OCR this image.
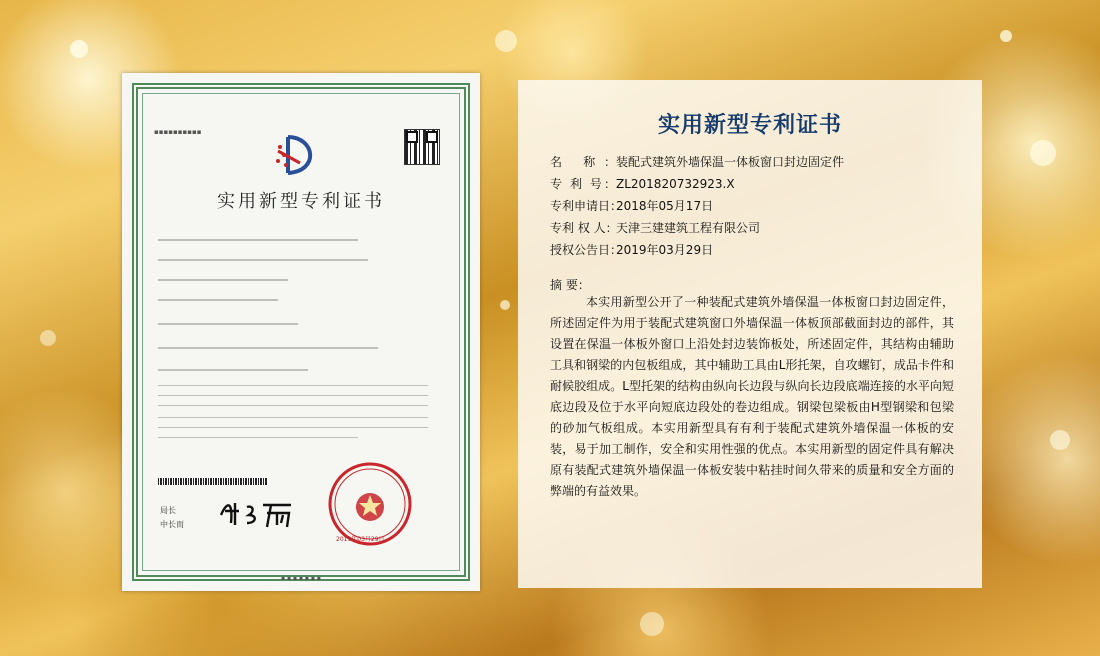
▪▪▪▪▪▪▪▪▪▪
实用新型专利证书
局长
中长而
2019年03月29日
▪ ▪ ▪ ▪ ▪ ▪ ▪
实用新型专利证书
名 称：装配式建筑外墙保温一体板窗口封边固定件
专 利 号：ZL201820732923.X
专利申请日：2018年05月17日
专利 权 人：天津三建建筑工程有限公司
授权公告日：2019年03月29日
摘 要：

本实用新型公开了一种装配式建筑外墙保温一体板窗口封边固定件，所述固定件为用于装配式建筑窗口外墙保温一体板顶部截面封边的部件，其设置在保温一体板外窗口上沿处封边装饰板处，所述固定件，其结构由辅助工具和钢梁的内包板组成，其中辅助工具由L形托架，自攻螺钉，成品卡件和耐候胶组成。L型托架的结构由纵向长边段与纵向长边段底端连接的水平向短底边段及位于水平向短底边段处的卷边组成。钢梁包梁板由H型钢梁和包梁的砂加气板组成。本实用新型具有有利于装配式建筑外墙保温一体板的安装，易于加工制作，安全和实用性强的优点。本实用新型的固定件具有解决原有装配式建筑外墙保温一体板安装中粘挂时间久带来的质量和安全方面的弊端的有益效果。
